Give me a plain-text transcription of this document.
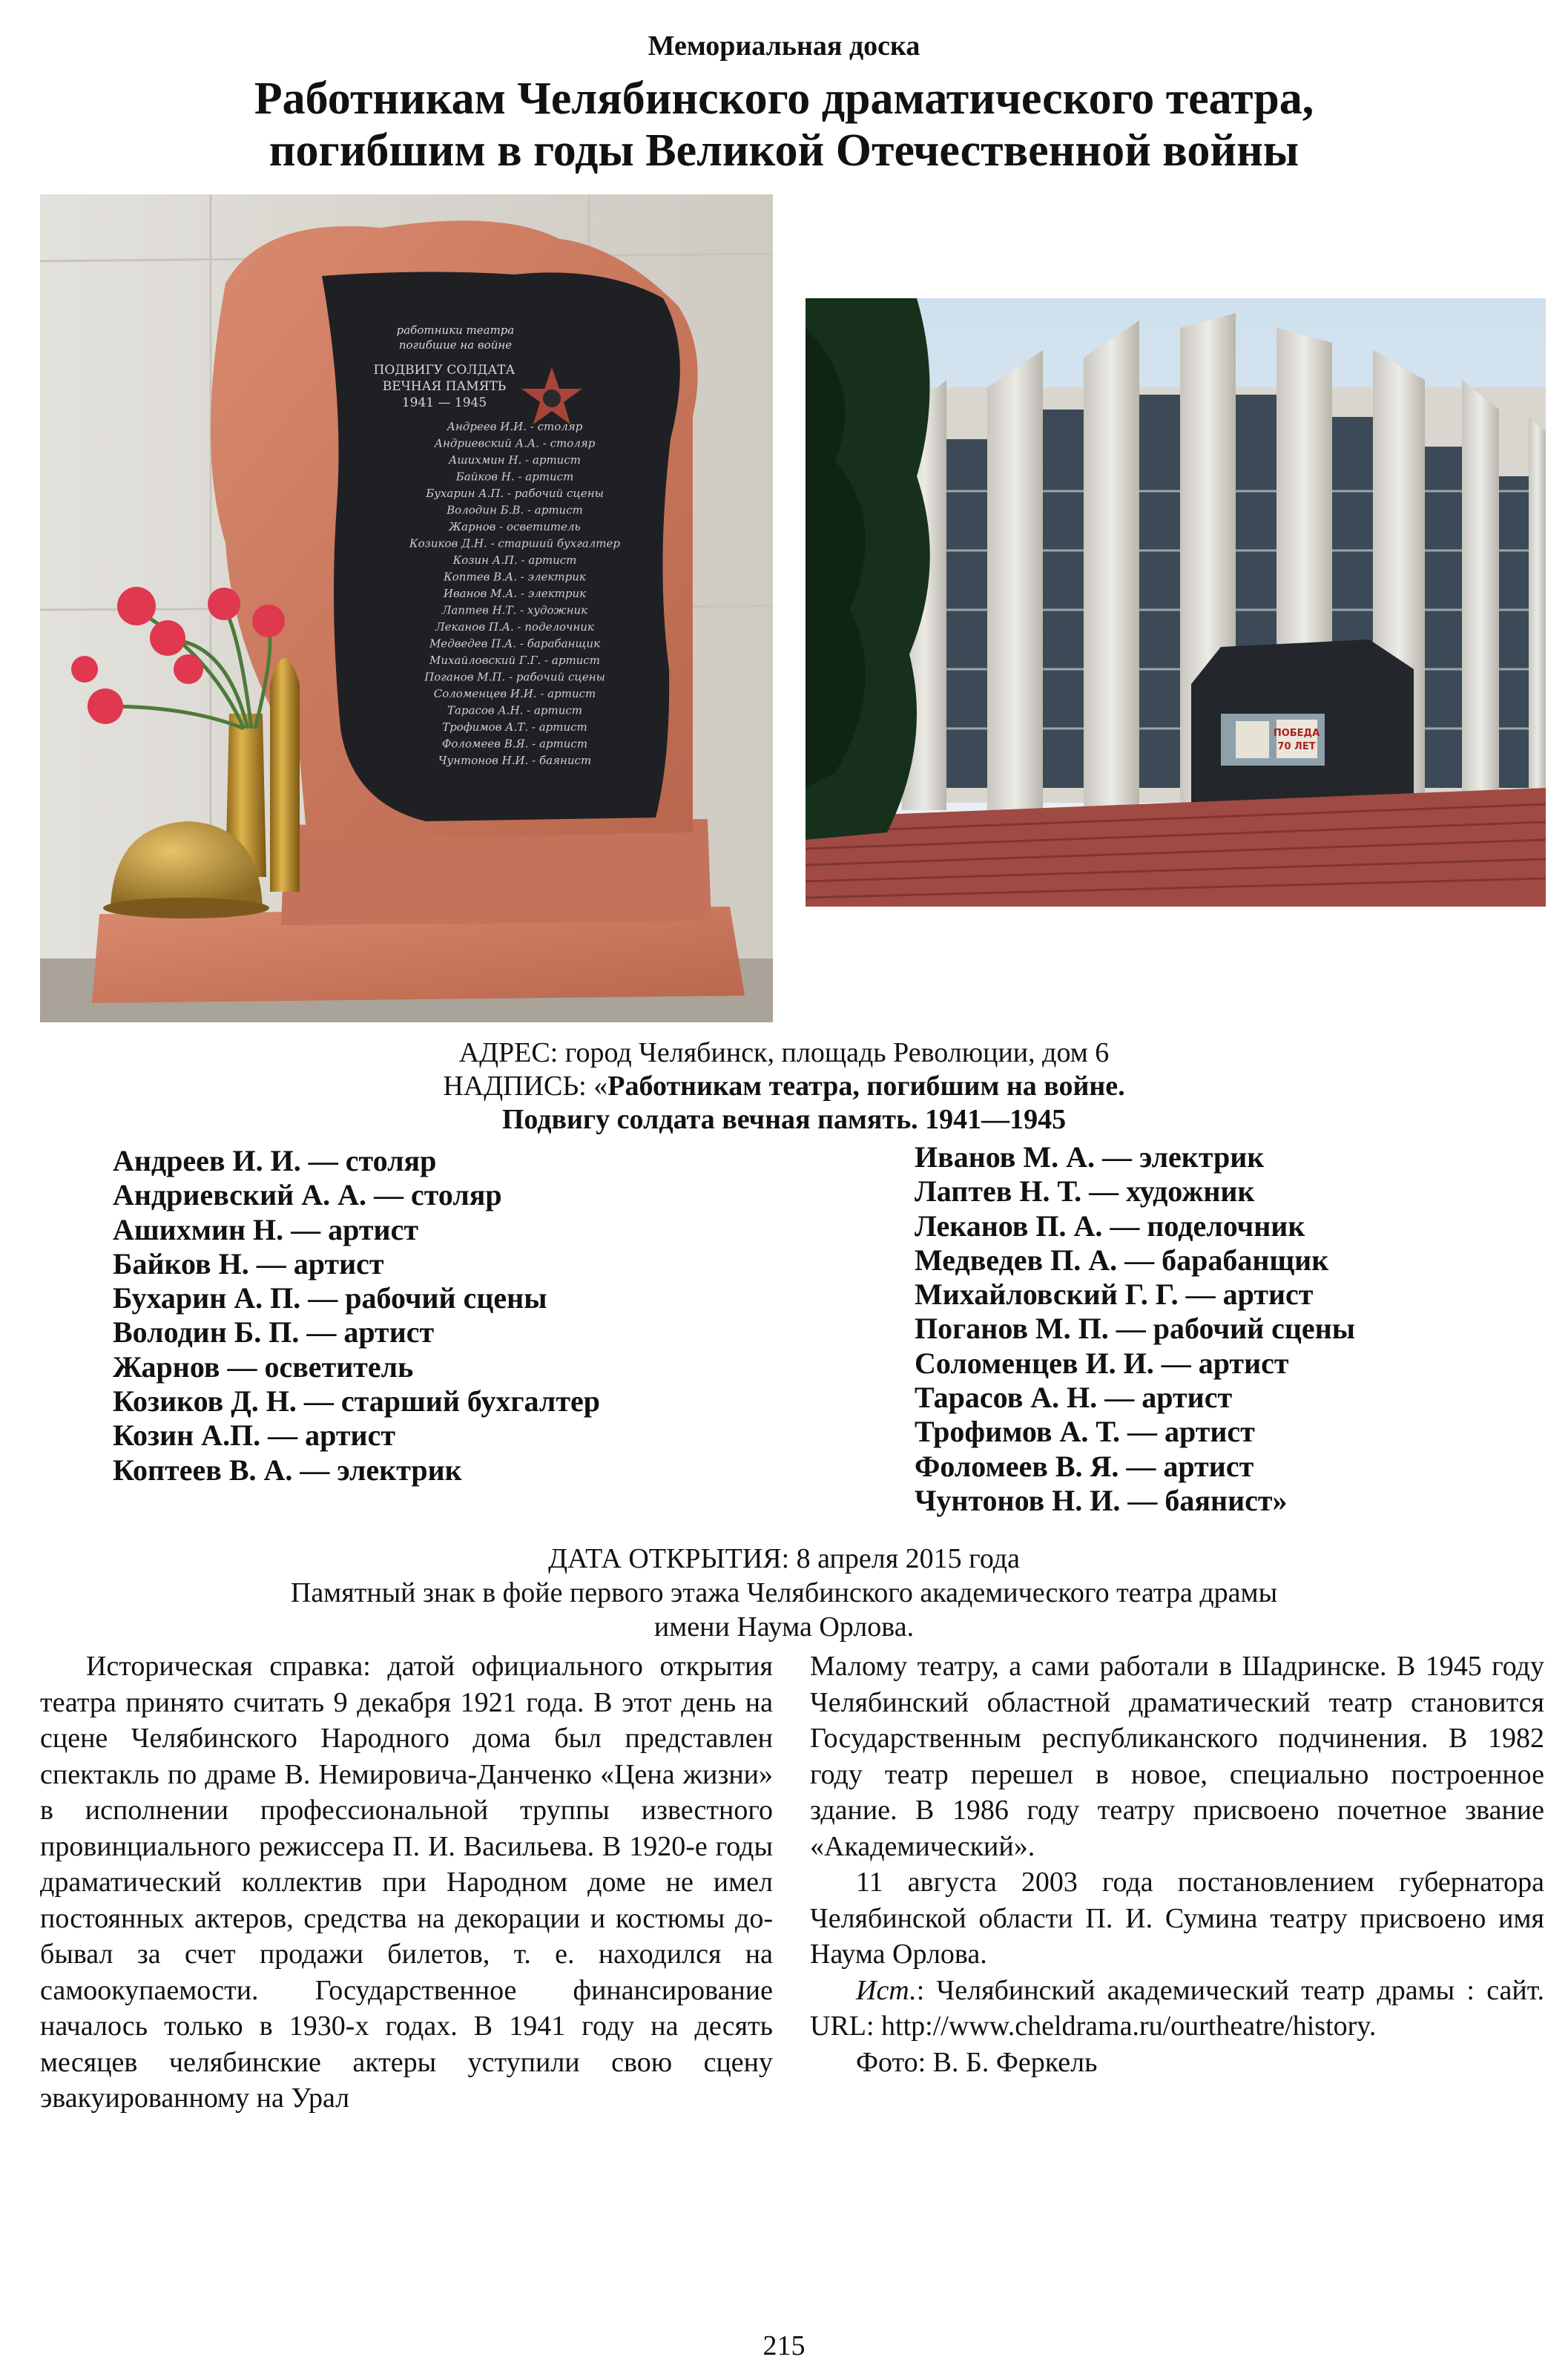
Мемориальная доска
Работникам Челябинского драматического театра,
погибшим в годы Великой Отечественной войны
работники театра
погибшие на войне
ПОДВИГУ СОЛДАТА
ВЕЧНАЯ ПАМЯТЬ
1941 — 1945
Андреев И.И. - столяр
Андриевский А.А. - столяр
Ашихмин Н. - артист
Байков Н. - артист
Бухарин А.П. - рабочий сцены
Володин Б.В. - артист
Жарнов - осветитель
Козиков Д.Н. - старший бухгалтер
Козин А.П. - артист
Коптев В.А. - электрик
Иванов М.А. - электрик
Лаптев Н.Т. - художник
Леканов П.А. - поделочник
Медведев П.А. - барабанщик
Михайловский Г.Г. - артист
Поганов М.П. - рабочий сцены
Соломенцев И.И. - артист
Тарасов А.Н. - артист
Трофимов А.Т. - артист
Фоломеев В.Я. - артист
Чунтонов Н.И. - баянист
ПОБЕДА
70 ЛЕТ
АДРЕС: город Челябинск, площадь Революции, дом 6
НАДПИСЬ: «Работникам театра, погибшим на войне.
Подвигу солдата вечная память. 1941—1945
Андреев И. И. — столяр
Андриевский А. А. — столяр
Ашихмин Н. — артист
Байков Н. — артист
Бухарин А. П. — рабочий сцены
Володин Б. П. — артист
Жарнов — осветитель
Козиков Д. Н. — старший бухгалтер
Козин А.П. — артист
Коптеев В. А. — электрик
Иванов М. А. — электрик
Лаптев Н. Т. — художник
Леканов П. А. — поделочник
Медведев П. А. — барабанщик
Михайловский Г. Г. — артист
Поганов М. П. — рабочий сцены
Соломенцев И. И. — артист
Тарасов А. Н. — артист
Трофимов А. Т. — артист
Фоломеев В. Я. — артист
Чунтонов Н. И. — баянист»
ДАТА ОТКРЫТИЯ: 8 апреля 2015 года
Памятный знак в фойе первого этажа Челябинского академического театра драмы
имени Наума Орлова.

Историческая справка: датой официального открытия театра принято считать 9 декабря 1921 года. В этот день на сцене Челябинского Народного дома был представлен спектакль по драме В. Немировича-Данченко «Цена жизни» в исполнении профессиональной труппы известного провинциального режиссера П. И. Васильева. В 1920-е годы драматический коллектив при Народном доме не имел постоянных актеров, средства на декорации и костюмы добывал за счет продажи билетов, т. е. находился на самоокупаемости. Государственное финансирование началось только в 1930-х годах. В 1941 году на десять месяцев челябинские актеры уступили свою сцену эвакуированному на Урал

Малому театру, а сами работали в Шадринске. В 1945 году Челябинский областной драматический театр становится Государственным республиканского подчинения. В 1982 году театр перешел в новое, специально построенное здание. В 1986 году театру присвоено почетное звание «Академический».

11 августа 2003 года постановлением губернатора Челябинской области П. И. Сумина театру присвоено имя Наума Орлова.

Ист.: Челябинский академический театр драмы : сайт. URL: http://www.cheldrama.ru/ourtheatre/history.

Фото: В. Б. Феркель

215
